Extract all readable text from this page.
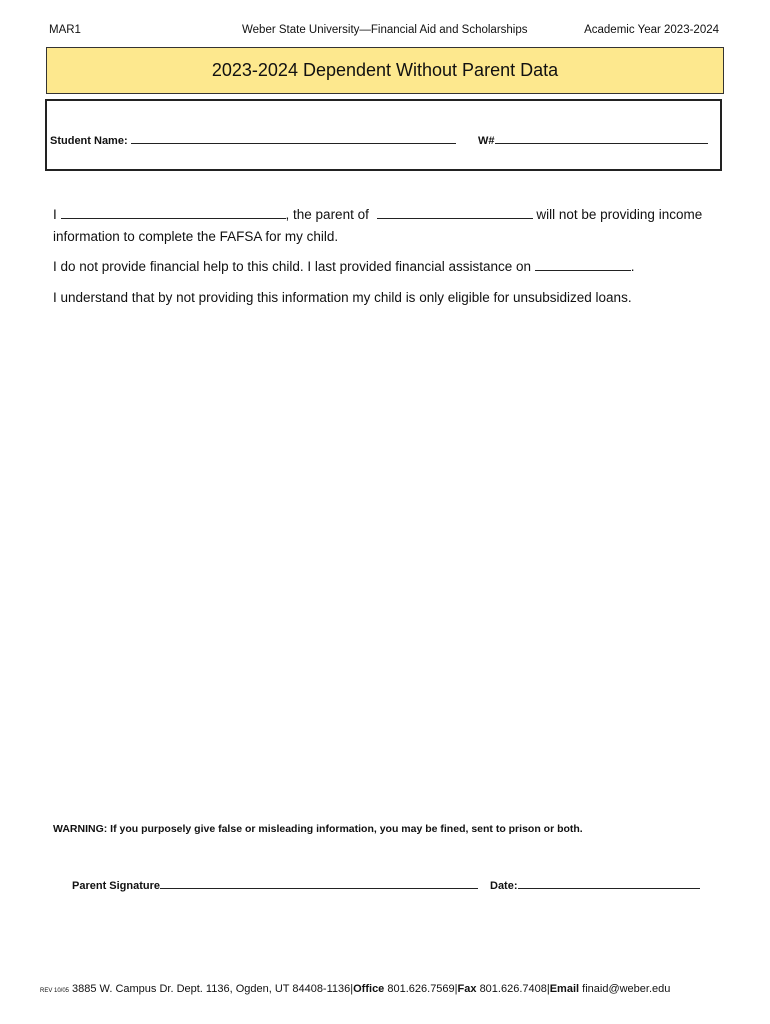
MAR1	Weber State University—Financial Aid and Scholarships	Academic Year 2023-2024
2023-2024 Dependent Without Parent Data
Student Name:	W#
I	, the parent of	will not be providing income
information to complete the FAFSA for my child.
I do not provide financial help to this child. I last provided financial assistance on	.
I understand that by not providing this information my child is only eligible for unsubsidized loans.
WARNING: If you purposely give false or misleading information, you may be fined, sent to prison or both.
Parent Signature	Date:
REV 10/05 3885 W. Campus Dr. Dept. 1136, Ogden, UT 84408-1136|Office 801.626.7569|Fax 801.626.7408|Email finaid@weber.edu
